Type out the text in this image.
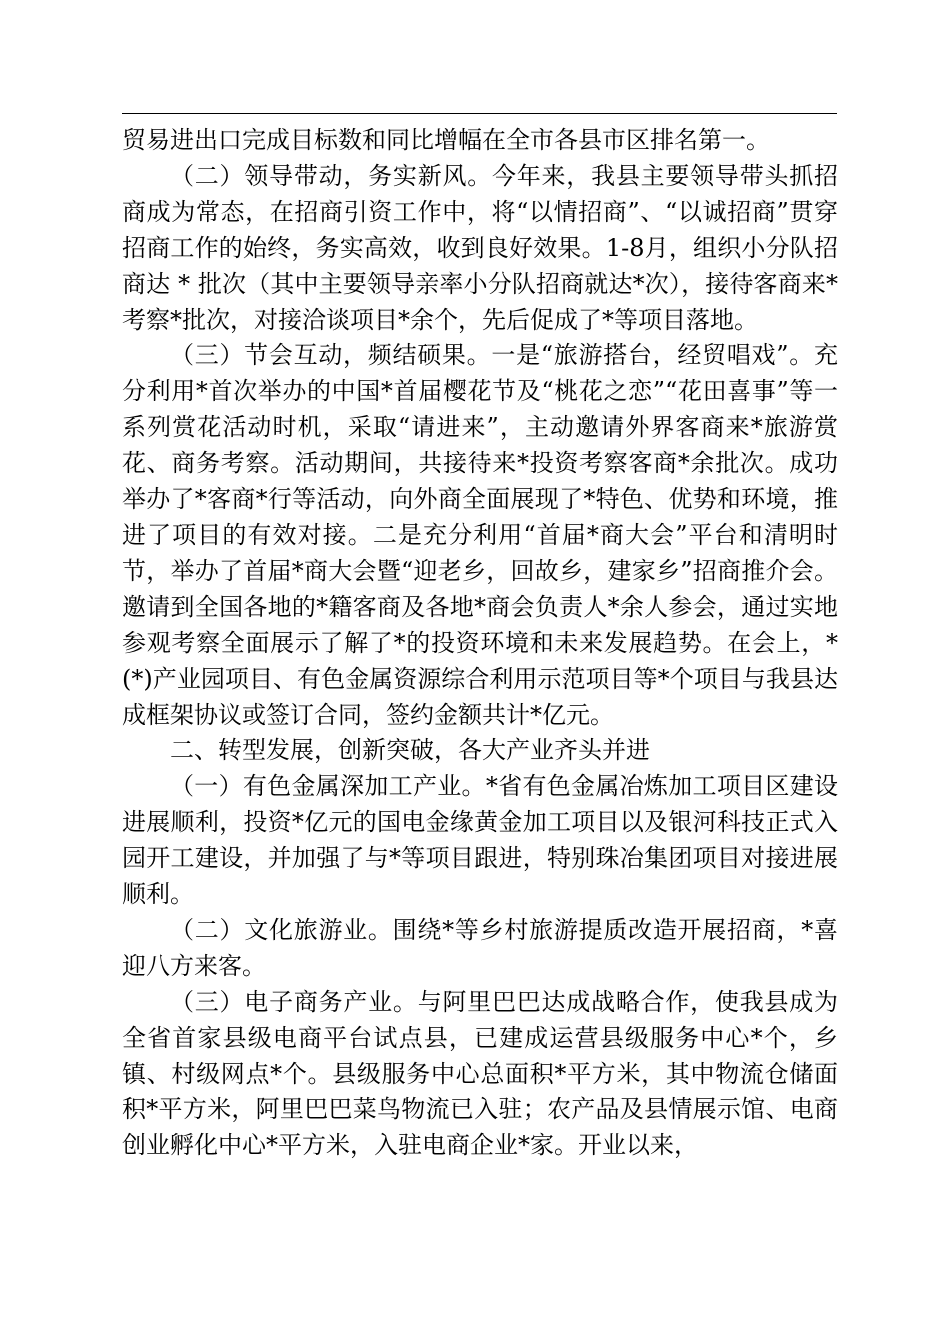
贸易进出口完成目标数和同比增幅在全市各县市区排名第一。

（二）领导带动，务实新风。今年来，我县主要领导带头抓招商成为常态，在招商引资工作中，将“以情招商”、“以诚招商”贯穿招商工作的始终，务实高效，收到良好效果。1-8月，组织小分队招商达 * 批次（其中主要领导亲率小分队招商就达*次），接待客商来*考察*批次，对接洽谈项目*余个，先后促成了*等项目落地。

（三）节会互动，频结硕果。一是“旅游搭台，经贸唱戏”。充分利用*首次举办的中国*首届樱花节及“桃花之恋”“花田喜事”等一系列赏花活动时机，采取“请进来”，主动邀请外界客商来*旅游赏花、商务考察。活动期间，共接待来*投资考察客商*余批次。成功举办了*客商*行等活动，向外商全面展现了*特色、优势和环境，推进了项目的有效对接。二是充分利用“首届*商大会”平台和清明时节，举办了首届*商大会暨“迎老乡，回故乡，建家乡”招商推介会。邀请到全国各地的*籍客商及各地*商会负责人*余人参会，通过实地参观考察全面展示了解了*的投资环境和未来发展趋势。在会上，*(*)产业园项目、有色金属资源综合利用示范项目等*个项目与我县达成框架协议或签订合同，签约金额共计*亿元。

二、转型发展，创新突破，各大产业齐头并进

（一）有色金属深加工产业。*省有色金属冶炼加工项目区建设进展顺利，投资*亿元的国电金缘黄金加工项目以及银河科技正式入园开工建设，并加强了与*等项目跟进，特别珠冶集团项目对接进展顺利。

（二）文化旅游业。围绕*等乡村旅游提质改造开展招商，*喜迎八方来客。

（三）电子商务产业。与阿里巴巴达成战略合作，使我县成为全省首家县级电商平台试点县，已建成运营县级服务中心*个，乡镇、村级网点*个。县级服务中心总面积*平方米，其中物流仓储面积*平方米，阿里巴巴菜鸟物流已入驻；农产品及县情展示馆、电商创业孵化中心*平方米，入驻电商企业*家。开业以来，
